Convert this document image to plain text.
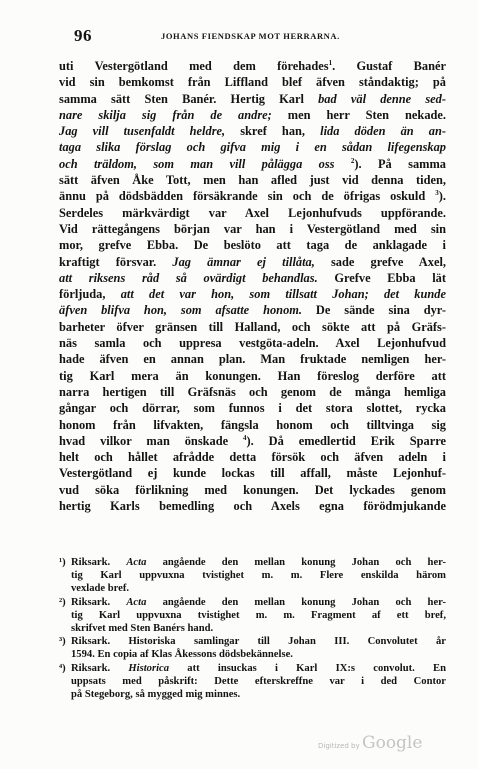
96	JOHANS FIENDSKAP MOT HERRARNA.
uti Vestergötland med dem förehades$^1$. Gustaf Banér
vid sin bemkomst från Liffland blef äfven ståndaktig; på
samma sätt Sten Banér. Hertig Karl bad väl denne sed-
nare skilja sig från de andre; men herr Sten nekade.
Jag vill tusenfaldt heldre, skref han, lida döden än an-
taga slika förslag och gifva mig i en sådan lifegenskap
och träldom, som man vill pålägga oss $^2$). På samma
sätt äfven Åke Tott, men han afled just vid denna tiden,
ännu på dödsbädden försäkrande sin och de öfrigas oskuld $^3$).
Serdeles märkvärdigt var Axel Lejonhufvuds uppförande.
Vid rättegångens början var han i Vestergötland med sin
mor, grefve Ebba. De beslöto att taga de anklagade i
kraftigt försvar. Jag ämnar ej tillåta, sade grefve Axel,
att riksens råd så ovärdigt behandlas. Grefve Ebba lät
förljuda, att det var hon, som tillsatt Johan; det kunde
äfven blifva hon, som afsatte honom. De sände sina dyr-
barheter öfver gränsen till Halland, och sökte att på Gräfs-
näs samla och uppresa vestgöta-adeln. Axel Lejonhufvud
hade äfven en annan plan. Man fruktade nemligen her-
tig Karl mera än konungen. Han föreslog derföre att
narra hertigen till Gräfsnäs och genom de många hemliga
gångar och dörrar, som funnos i det stora slottet, rycka
honom från lifvakten, fängsla honom och tilltvinga sig
hvad vilkor man önskade $^4$). Då emedlertid Erik Sparre
helt och hållet afrådde detta försök och äfven adeln i
Vestergötland ej kunde lockas till affall, måste Lejonhuf-
vud söka förlikning med konungen. Det lyckades genom
hertig Karls bemedling och Axels egna förödmjukande
¹) Riksark. Acta angående den mellan konung Johan och her-
tig Karl uppvuxna tvistighet m. m. Flere enskilda härom
vexlade bref.
²) Riksark. Acta angående den mellan konung Johan och her-
tig Karl uppvuxna tvistighet m. m. Fragment af ett bref,
skrifvet med Sten Banérs hand.
³) Riksark. Historiska samlingar till Johan III. Convolutet år
1594. En copia af Klas Åkessons dödsbekännelse.
⁴) Riksark. Historica att insuckas i Karl IX:s convolut. En
uppsats med påskrift: Dette efterskreffne var i ded Contor
på Stegeborg, så mygged mig minnes.
Digitized by Google
